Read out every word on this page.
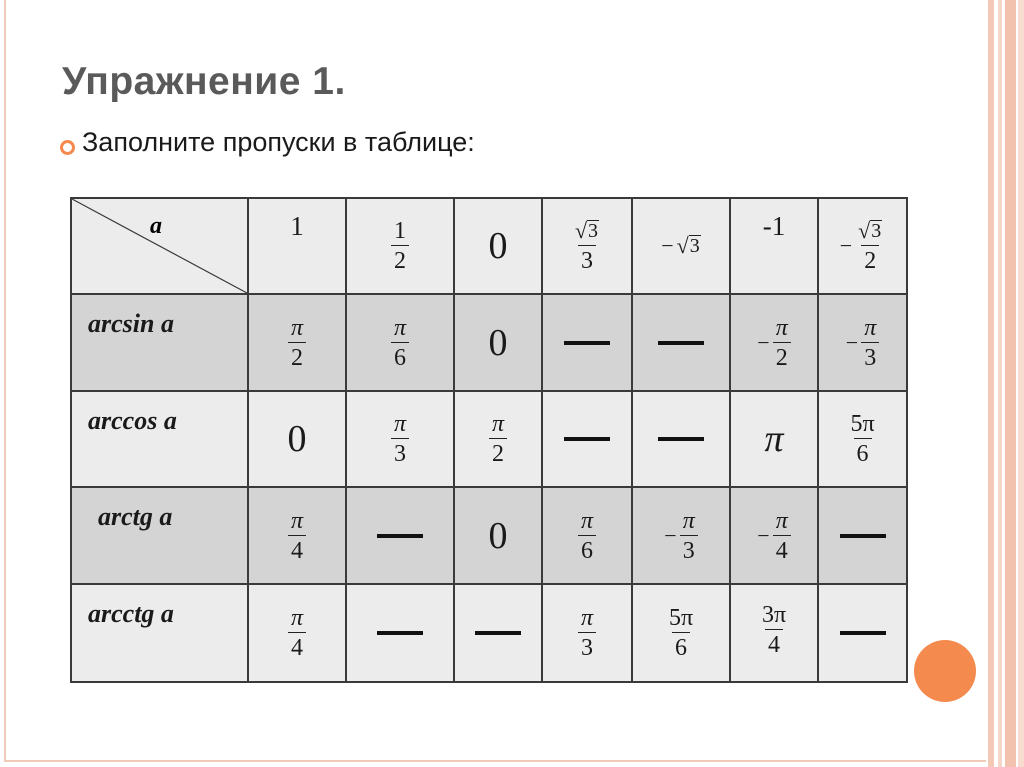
Упражнение 1.
Заполните пропуски в таблице:
a	1	$\frac{1}{2}$	0	$\frac{√ 3}{3}$	− √ 3	-1	− $\frac{√ 3}{2}$

arcsin a	$\frac{\pi}{2}$	$\frac{\pi}{6}$	0			− $\frac{\pi}{2}$	− $\frac{\pi}{3}$

arccos a	0	$\frac{\pi}{3}$	$\frac{\pi}{2}$			π	$\frac{5\pi}{6}$

arctg a	$\frac{\pi}{4}$		0	$\frac{\pi}{6}$	− $\frac{\pi}{3}$	− $\frac{\pi}{4}$

arcctg a	$\frac{\pi}{4}$			$\frac{\pi}{3}$	$\frac{5\pi}{6}$	$\frac{3\pi}{4}$
